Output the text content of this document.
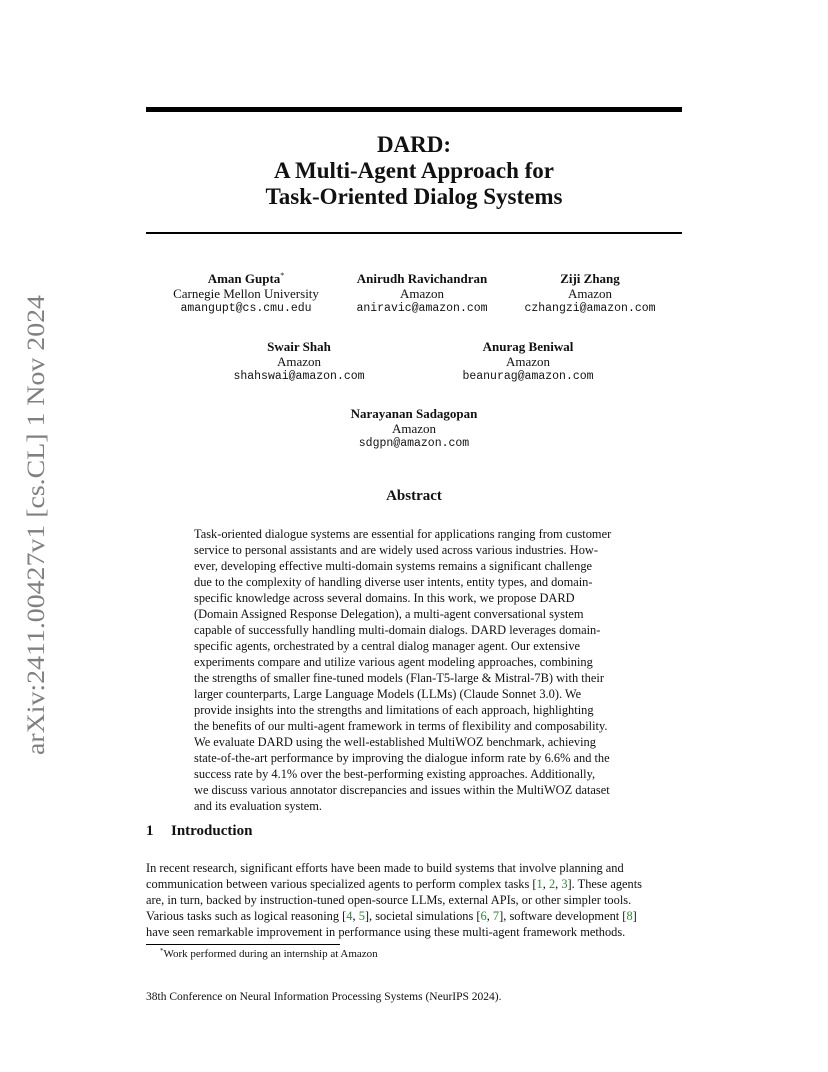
arXiv:2411.00427v1 [cs.CL] 1 Nov 2024
DARD:
A Multi-Agent Approach for
Task-Oriented Dialog Systems
Aman Gupta*
Carnegie Mellon University
amangupt@cs.cmu.edu
Anirudh Ravichandran
Amazon
aniravic@amazon.com
Ziji Zhang
Amazon
czhangzi@amazon.com
Swair Shah
Amazon
shahswai@amazon.com
Anurag Beniwal
Amazon
beanurag@amazon.com
Narayanan Sadagopan
Amazon
sdgpn@amazon.com
Abstract
Task-oriented dialogue systems are essential for applications ranging from customer
service to personal assistants and are widely used across various industries. How-
ever, developing effective multi-domain systems remains a significant challenge
due to the complexity of handling diverse user intents, entity types, and domain-
specific knowledge across several domains. In this work, we propose DARD
(Domain Assigned Response Delegation), a multi-agent conversational system
capable of successfully handling multi-domain dialogs. DARD leverages domain-
specific agents, orchestrated by a central dialog manager agent. Our extensive
experiments compare and utilize various agent modeling approaches, combining
the strengths of smaller fine-tuned models (Flan-T5-large & Mistral-7B) with their
larger counterparts, Large Language Models (LLMs) (Claude Sonnet 3.0). We
provide insights into the strengths and limitations of each approach, highlighting
the benefits of our multi-agent framework in terms of flexibility and composability.
We evaluate DARD using the well-established MultiWOZ benchmark, achieving
state-of-the-art performance by improving the dialogue inform rate by 6.6% and the
success rate by 4.1% over the best-performing existing approaches. Additionally,
we discuss various annotator discrepancies and issues within the MultiWOZ dataset
and its evaluation system.
1 Introduction
In recent research, significant efforts have been made to build systems that involve planning and
communication between various specialized agents to perform complex tasks [1, 2, 3]. These agents
are, in turn, backed by instruction-tuned open-source LLMs, external APIs, or other simpler tools.
Various tasks such as logical reasoning [4, 5], societal simulations [6, 7], software development [8]
have seen remarkable improvement in performance using these multi-agent framework methods.
*Work performed during an internship at Amazon
38th Conference on Neural Information Processing Systems (NeurIPS 2024).
